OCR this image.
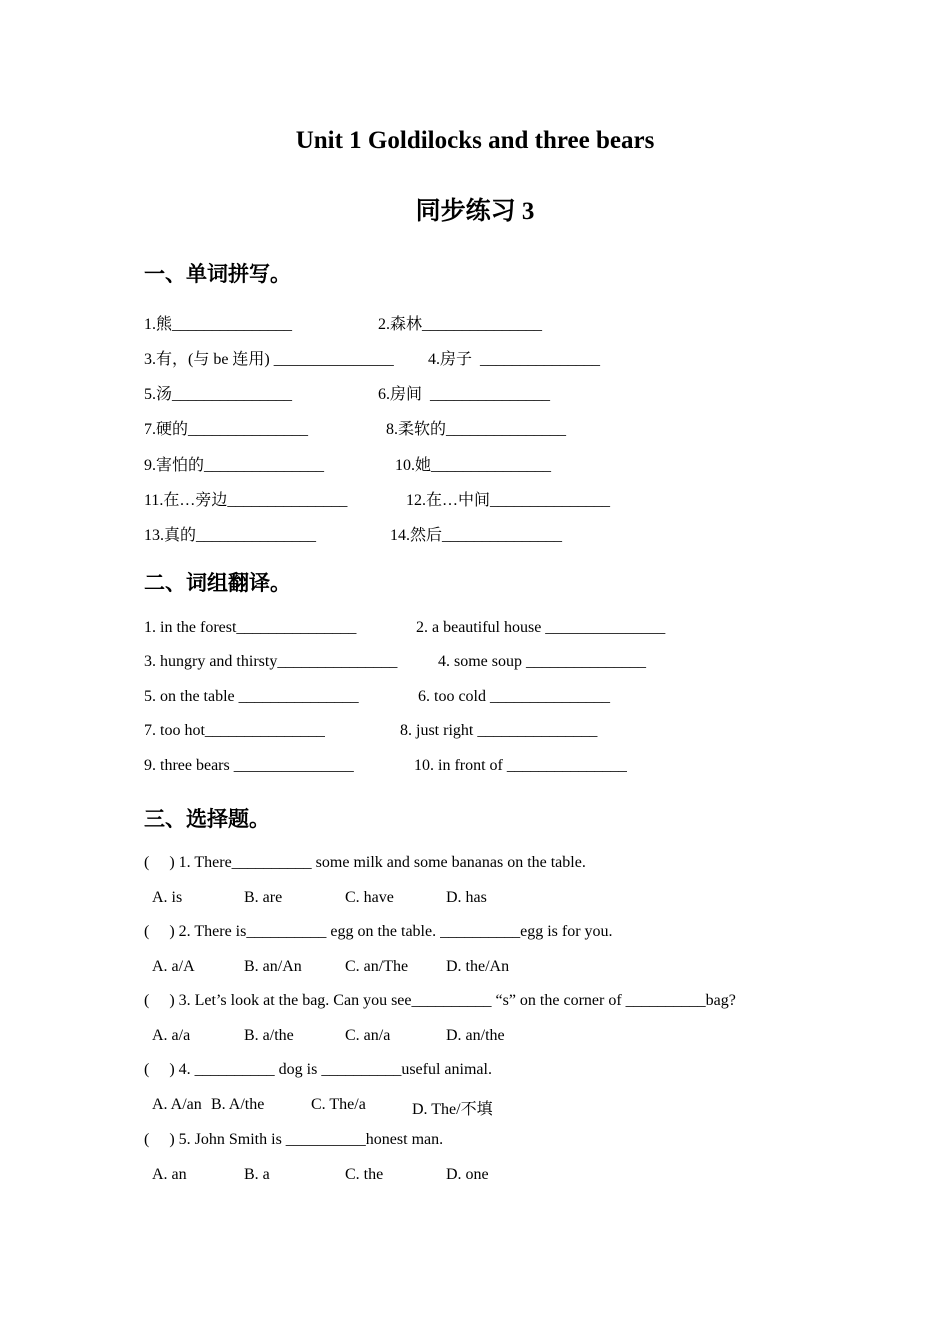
Unit 1 Goldilocks and three bears
同步练习 3
一、单词拼写。
二、词组翻译。
三、选择题。
1.熊_______________	2.森林_______________
3.有，(与 be 连用) _______________ 4.房子  _______________
5.汤_______________	6.房间  _______________
7.硬的_______________	8.柔软的_______________
9.害怕的_______________	10.她_______________
11.在…旁边_______________	12.在…中间_______________
13.真的_______________	14.然后_______________
1. in the forest_______________	2. a beautiful house _______________
3. hungry and thirsty_______________	4. some soup _______________
5. on the table _______________	6. too cold _______________
7. too hot_______________	8. just right _______________
9. three bears _______________	10. in front of _______________
(     ) 1. There__________ some milk and some bananas on the table.
A. is	B. are	C. have	D. has
(     ) 2. There is__________ egg on the table. __________egg is for you.
A. a/A	B. an/An	C. an/The D. the/An
(     ) 3. Let’s look at the bag. Can you see__________ “s” on the corner of __________bag?
A. a/a	B. a/the	C. an/a	D. an/the
(     ) 4. __________ dog is __________useful animal.
A. A/an B. A/the	C. The/a	D. The/不填
(     ) 5. John Smith is __________honest man.
A. an	B. a	C. the	D. one
